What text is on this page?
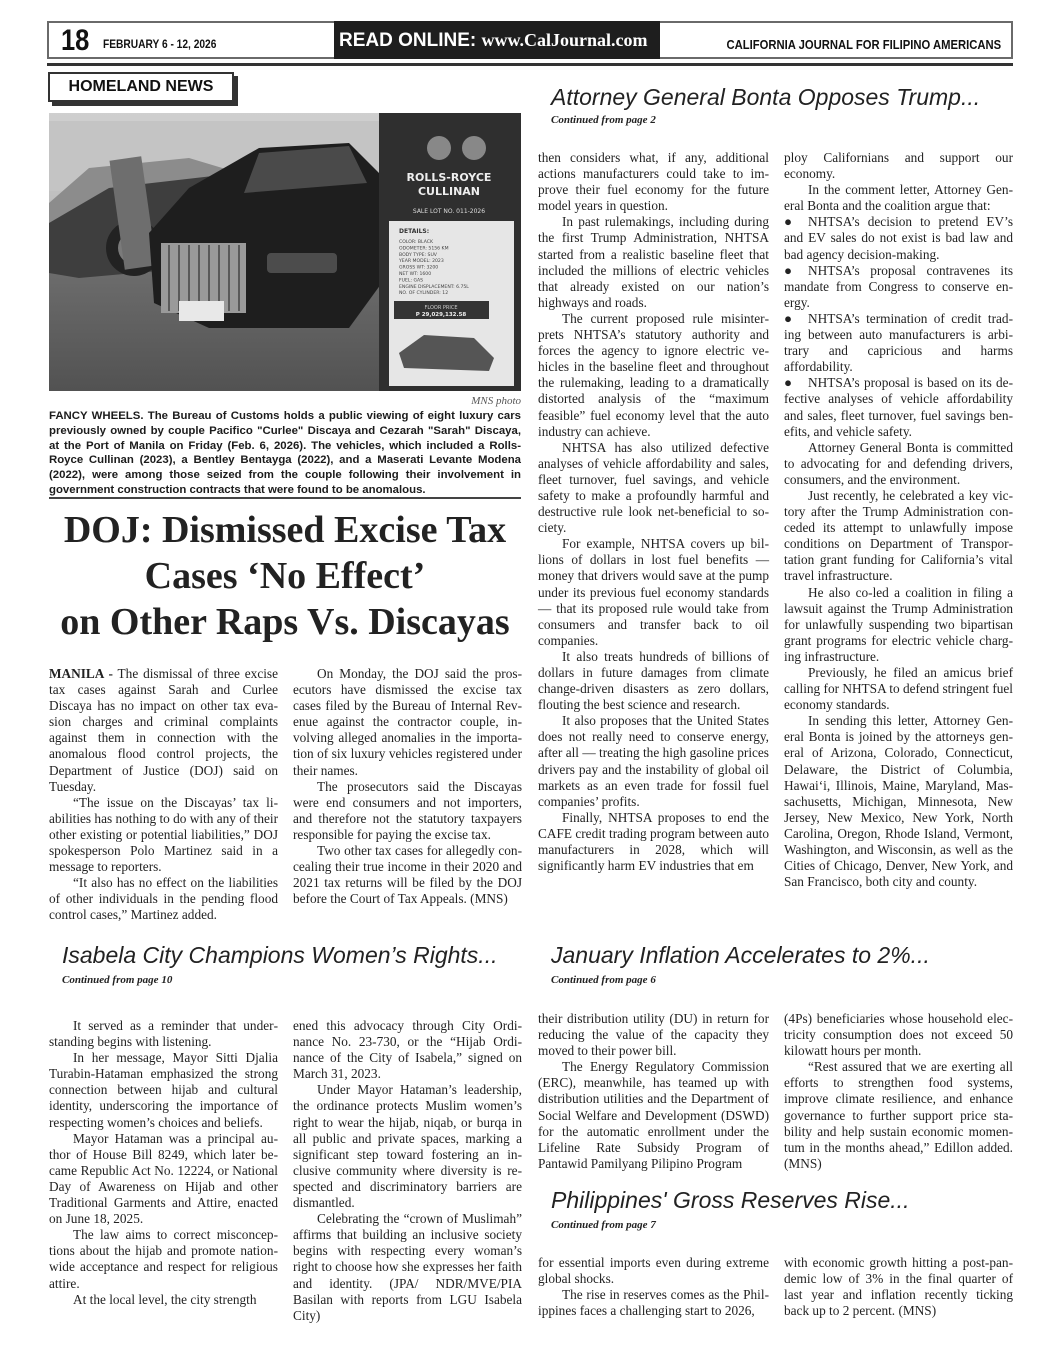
18 FEBRUARY 6 - 12, 2026	READ ONLINE: www.CalJournal.com	CALIFORNIA JOURNAL FOR FILIPINO AMERICANS
HOMELAND NEWS
ROLLS-ROYCE
CULLINAN
SALE LOT NO. 011-2026
DETAILS:
COLOR: BLACK
ODOMETER: 5156 KM
BODY TYPE: SUV
YEAR MODEL: 2023
GROSS WT: 3200
NET WT: 1600
FUEL: GAS
ENGINE DISPLACEMENT: 6.75L
NO. OF CYLINDER: 12
FLOOR PRICE
P 29,029,132.58
MNS photo
FANCY WHEELS. The Bureau of Customs holds a public viewing of eight luxury cars previously owned by couple Pacifico "Curlee" Discaya and Cezarah "Sarah" Discaya, at the Port of Manila on Friday (Feb. 6, 2026). The vehicles, which included a Rolls-Royce Cullinan (2023), a Bentley Bentayga (2022), and a Maserati Levante Modena (2022), were among those seized from the couple following their involvement in government construction contracts that were found to be anomalous.
DOJ: Dismissed Excise Tax
Cases ‘No Effect’
on Other Raps Vs. Discayas

MANILA - The dismissal of three excise tax cases against Sarah and Curlee Discaya has no impact on other tax evasion charges and criminal complaints against them in connection with the anomalous flood control projects, the Department of Justice (DOJ) said on Tuesday.

“The issue on the Discayas’ tax liabilities has nothing to do with any of their other existing or potential liabilities,” DOJ spokesperson Polo Martinez said in a message to reporters.

“It also has no effect on the liabilities of other individuals in the pending flood control cases,” Martinez added.

On Monday, the DOJ said the prosecutors have dismissed the excise tax cases filed by the Bureau of Internal Revenue against the contractor couple, involving alleged anomalies in the importation of six luxury vehicles registered under their names.

The prosecutors said the Discayas were end consumers and not importers, and therefore not the statutory taxpayers responsible for paying the excise tax.

Two other tax cases for allegedly concealing their true income in their 2020 and 2021 tax returns will be filed by the DOJ before the Court of Tax Appeals. (MNS)

Attorney General Bonta Opposes Trump...
Continued from page 2

then considers what, if any, additional actions manufacturers could take to improve their fuel economy for the future model years in question.

In past rulemakings, including during the first Trump Administration, NHTSA started from a realistic baseline fleet that included the millions of electric vehicles that already existed on our nation’s highways and roads.

The current proposed rule misinterprets NHTSA’s statutory authority and forces the agency to ignore electric vehicles in the baseline fleet and throughout the rulemaking, leading to a dramatically distorted analysis of the “maximum feasible” fuel economy level that the auto industry can achieve.

NHTSA has also utilized defective analyses of vehicle affordability and sales, fleet turnover, fuel savings, and vehicle safety to make a profoundly harmful and destructive rule look net-beneficial to society.

For example, NHTSA covers up billions of dollars in lost fuel benefits — money that drivers would save at the pump under its previous fuel economy standards — that its proposed rule would take from consumers and transfer back to oil companies.

It also treats hundreds of billions of dollars in future damages from climate change-driven disasters as zero dollars, flouting the best science and research.

It also proposes that the United States does not really need to conserve energy, after all — treating the high gasoline prices drivers pay and the instability of global oil markets as an even trade for fossil fuel companies’ profits.

Finally, NHTSA proposes to end the CAFE credit trading program between auto manufacturers in 2028, which will significantly harm EV industries that em

ploy Californians and support our economy.

In the comment letter, Attorney General Bonta and the coalition argue that:

● NHTSA’s decision to pretend EV’s and EV sales do not exist is bad law and bad agency decision-making.

● NHTSA’s proposal contravenes its mandate from Congress to conserve energy.

● NHTSA’s termination of credit trading between auto manufacturers is arbitrary and capricious and harms affordability.

● NHTSA’s proposal is based on its defective analyses of vehicle affordability and sales, fleet turnover, fuel savings benefits, and vehicle safety.

Attorney General Bonta is committed to advocating for and defending drivers, consumers, and the environment.

Just recently, he celebrated a key victory after the Trump Administration conceded its attempt to unlawfully impose conditions on Department of Transportation grant funding for California’s vital travel infrastructure.

He also co-led a coalition in filing a lawsuit against the Trump Administration for unlawfully suspending two bipartisan grant programs for electric vehicle charging infrastructure.

Previously, he filed an amicus brief calling for NHTSA to defend stringent fuel economy standards.

In sending this letter, Attorney General Bonta is joined by the attorneys general of Arizona, Colorado, Connecticut, Delaware, the District of Columbia, Hawai‘i, Illinois, Maine, Maryland, Massachusetts, Michigan, Minnesota, New Jersey, New Mexico, New York, North Carolina, Oregon, Rhode Island, Vermont, Washington, and Wisconsin, as well as the Cities of Chicago, Denver, New York, and San Francisco, both city and county.

Isabela City Champions Women’s Rights...
Continued from page 10

It served as a reminder that understanding begins with listening.

In her message, Mayor Sitti Djalia Turabin-Hataman emphasized the strong connection between hijab and cultural identity, underscoring the importance of respecting women’s choices and beliefs.

Mayor Hataman was a principal author of House Bill 8249, which later became Republic Act No. 12224, or National Day of Awareness on Hijab and other Traditional Garments and Attire, enacted on June 18, 2025.

The law aims to correct misconceptions about the hijab and promote nationwide acceptance and respect for religious attire.

At the local level, the city strength

ened this advocacy through City Ordinance No. 23-730, or the “Hijab Ordinance of the City of Isabela,” signed on March 31, 2023.

Under Mayor Hataman’s leadership, the ordinance protects Muslim women’s right to wear the hijab, niqab, or burqa in all public and private spaces, marking a significant step toward fostering an inclusive community where diversity is respected and discriminatory barriers are dismantled.

Celebrating the “crown of Muslimah” affirms that building an inclusive society begins with respecting every woman’s right to choose how she expresses her faith and identity. (JPA/ NDR/MVE/PIA Basilan with reports from LGU Isabela City)

January Inflation Accelerates to 2%...
Continued from page 6

their distribution utility (DU) in return for reducing the value of the capacity they moved to their power bill.

The Energy Regulatory Commission (ERC), meanwhile, has teamed up with distribution utilities and the Department of Social Welfare and Development (DSWD) for the automatic enrollment under the Lifeline Rate Subsidy Program of Pantawid Pamilyang Pilipino Program

(4Ps) beneficiaries whose household electricity consumption does not exceed 50 kilowatt hours per month.

“Rest assured that we are exerting all efforts to strengthen food systems, improve climate resilience, and enhance governance to further support price stability and help sustain economic momentum in the months ahead,” Edillon added. (MNS)

Philippines' Gross Reserves Rise...
Continued from page 7

for essential imports even during extreme global shocks.

The rise in reserves comes as the Philippines faces a challenging start to 2026,

with economic growth hitting a post-pandemic low of 3% in the final quarter of last year and inflation recently ticking back up to 2 percent. (MNS)
